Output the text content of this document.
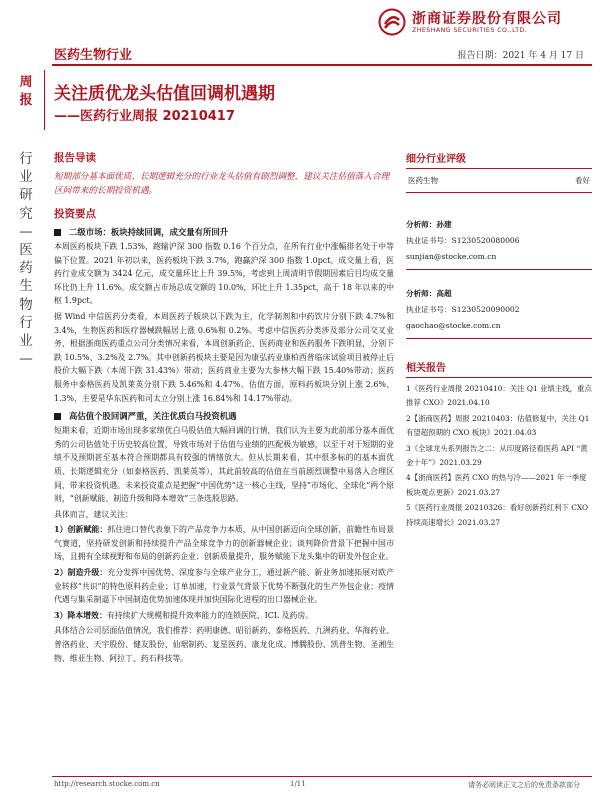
浙商证券股份有限公司
ZHESHANG SECURITIES CO.,LTD.
医药生物行业	报告日期：2021 年 4 月 17 日
周报
行业研究—医药生物行业—
关注质优龙头估值回调机遇期
——医药行业周报 20210417
报告导读
短期部分基本面优质、长期逻辑充分的行业龙头估值有剧烈调整，建议关注估值落入合理区间带来的长期投资机遇。
投资要点
二级市场：板块持续回调，成交量有所回升

本周医药板块下跌 1.53%，跑输沪深 300 指数 0.16 个百分点，在所有行业中涨幅排名处于中等偏下位置。2021 年初以来，医药板块下跌 3.7%，跑赢沪深 300 指数 1.0pct。成交量上看，医药行业成交额为 3424 亿元，成交量环比上升 39.5%，考虑到上周清明节假期因素后目均成交量环比仍上升 11.6%。成交额占市场总成交额的 10.0%，环比上升 1.35pct，高于 18 年以来的中枢 1.9pct。

据 Wind 中信医药分类看，本周医药子版块以下跌为主，化学制剂和中药饮片分别下跌 4.7%和 3.4%，生物医药和医疗器械跌幅居上涨 0.6%和 0.2%。考虑中信医药分类涉及部分公司交叉业务，根据浙商医药重点公司分类情况来看，本周创新药企、医药商业和医药服务下跌明显，分别下跌 10.5%、3.2%及 2.7%。其中创新药板块主要是因为康弘药业康柏西普临床试验项目被停止后股价大幅下跌（本周下跌 31.43%）带动；医药商业主要为大参林大幅下跌 15.40%带动；医药服务中泰格医药及凯莱英分别下跌 5.46%和 4.47%。估值方面，原料药板块分别上涨 2.6%、1.3%，主要是华东医药和司太立分别上涨 16.84%和 14.17%带动。

高估值个股回调严重，关注优质白马投资机遇

短期来看，近期市场出现多家绩优白马股估值大幅回调的行情，我们认为主要为此前部分基本面优秀的公司估值处于历史较高位置，导致市场对于估值与业绩的匹配极为敏感，以至于对于短期的业绩不及预期甚至基本符合预期都具有较强的情绪放大。但从长期来看，其中很多标的的基本面优质、长期逻辑充分（如泰格医药、凯莱英等），其此前较高的估值在当前剧烈调整中易落入合理区间，带来投资机遇。未来投资重点是把握“中国优势”这一核心主线，坚持“市场化、全球化”两个原则，“创新赋能、制造升级和降本增效”三条选股思路。

具体而言，建议关注：

1）创新赋能：抓住进口替代表象下的产品竞争力本质，从中国创新迈向全球创新，前瞻性布局景气赛道，坚持研发创新和持续提升产品全球竞争力的创新器械企业；谈判降价背景下把握中国市场，且拥有全球视野和布局的创新药企业；创新质量提升，服务赋能下龙头集中的研发外包企业。

2）制造升级：充分发挥中国优势、深度参与全球产业分工，通过新产能、新业务加速拓展对欧产业转移“共识”的特色原料药企业；订单加速，行业景气背景下优势不断强化的生产外包企业；疫情代遇与集采制逼下中国制造优势加速体现并加快国际化进程的出口器械企业。

3）降本增效：有持续扩大规模和提升效率能力的连锁医院、ICL 及药房。

具体结合公司层面估值情况，我们推荐：药明康德、昭衍新药、泰格医药、九洲药业、华海药业、普洛药业、天宇股份、健友股份、仙琚制药、复星医药、康龙化成、博腾股份、凯普生物、圣湘生物、维亚生物、阿拉丁、药石科技等。

细分行业评级
医药生物	看好
分析师：孙建
执业证书号：S1230520080006
sunjian@stocke.com.cn
分析师：高超
执业证书号：S1230520090002
gaochao@stocke.com.cn
相关报告

1《医药行业周报 20210410：关注 Q1 业绩主线，重点推荐 CXO》2021.04.10

2【浙商医药】周报 20210403：估值修复中，关注 Q1 有望超预期的 CXO 板块》2021.04.03

3《全球龙头系列报告之二：从印度路径看医药 API “黄金十年”》2021.03.29

4【浙商医药】医药 CXO 的热与冷——2021 年一季度板块观点更新》2021.03.27

5《医药行业周报 20210326：看好创新药红利下 CXO 持续高速增长》2021.03.27

http://research.stocke.com.cn	1/11	请务必阅读正文之后的免责条款部分
